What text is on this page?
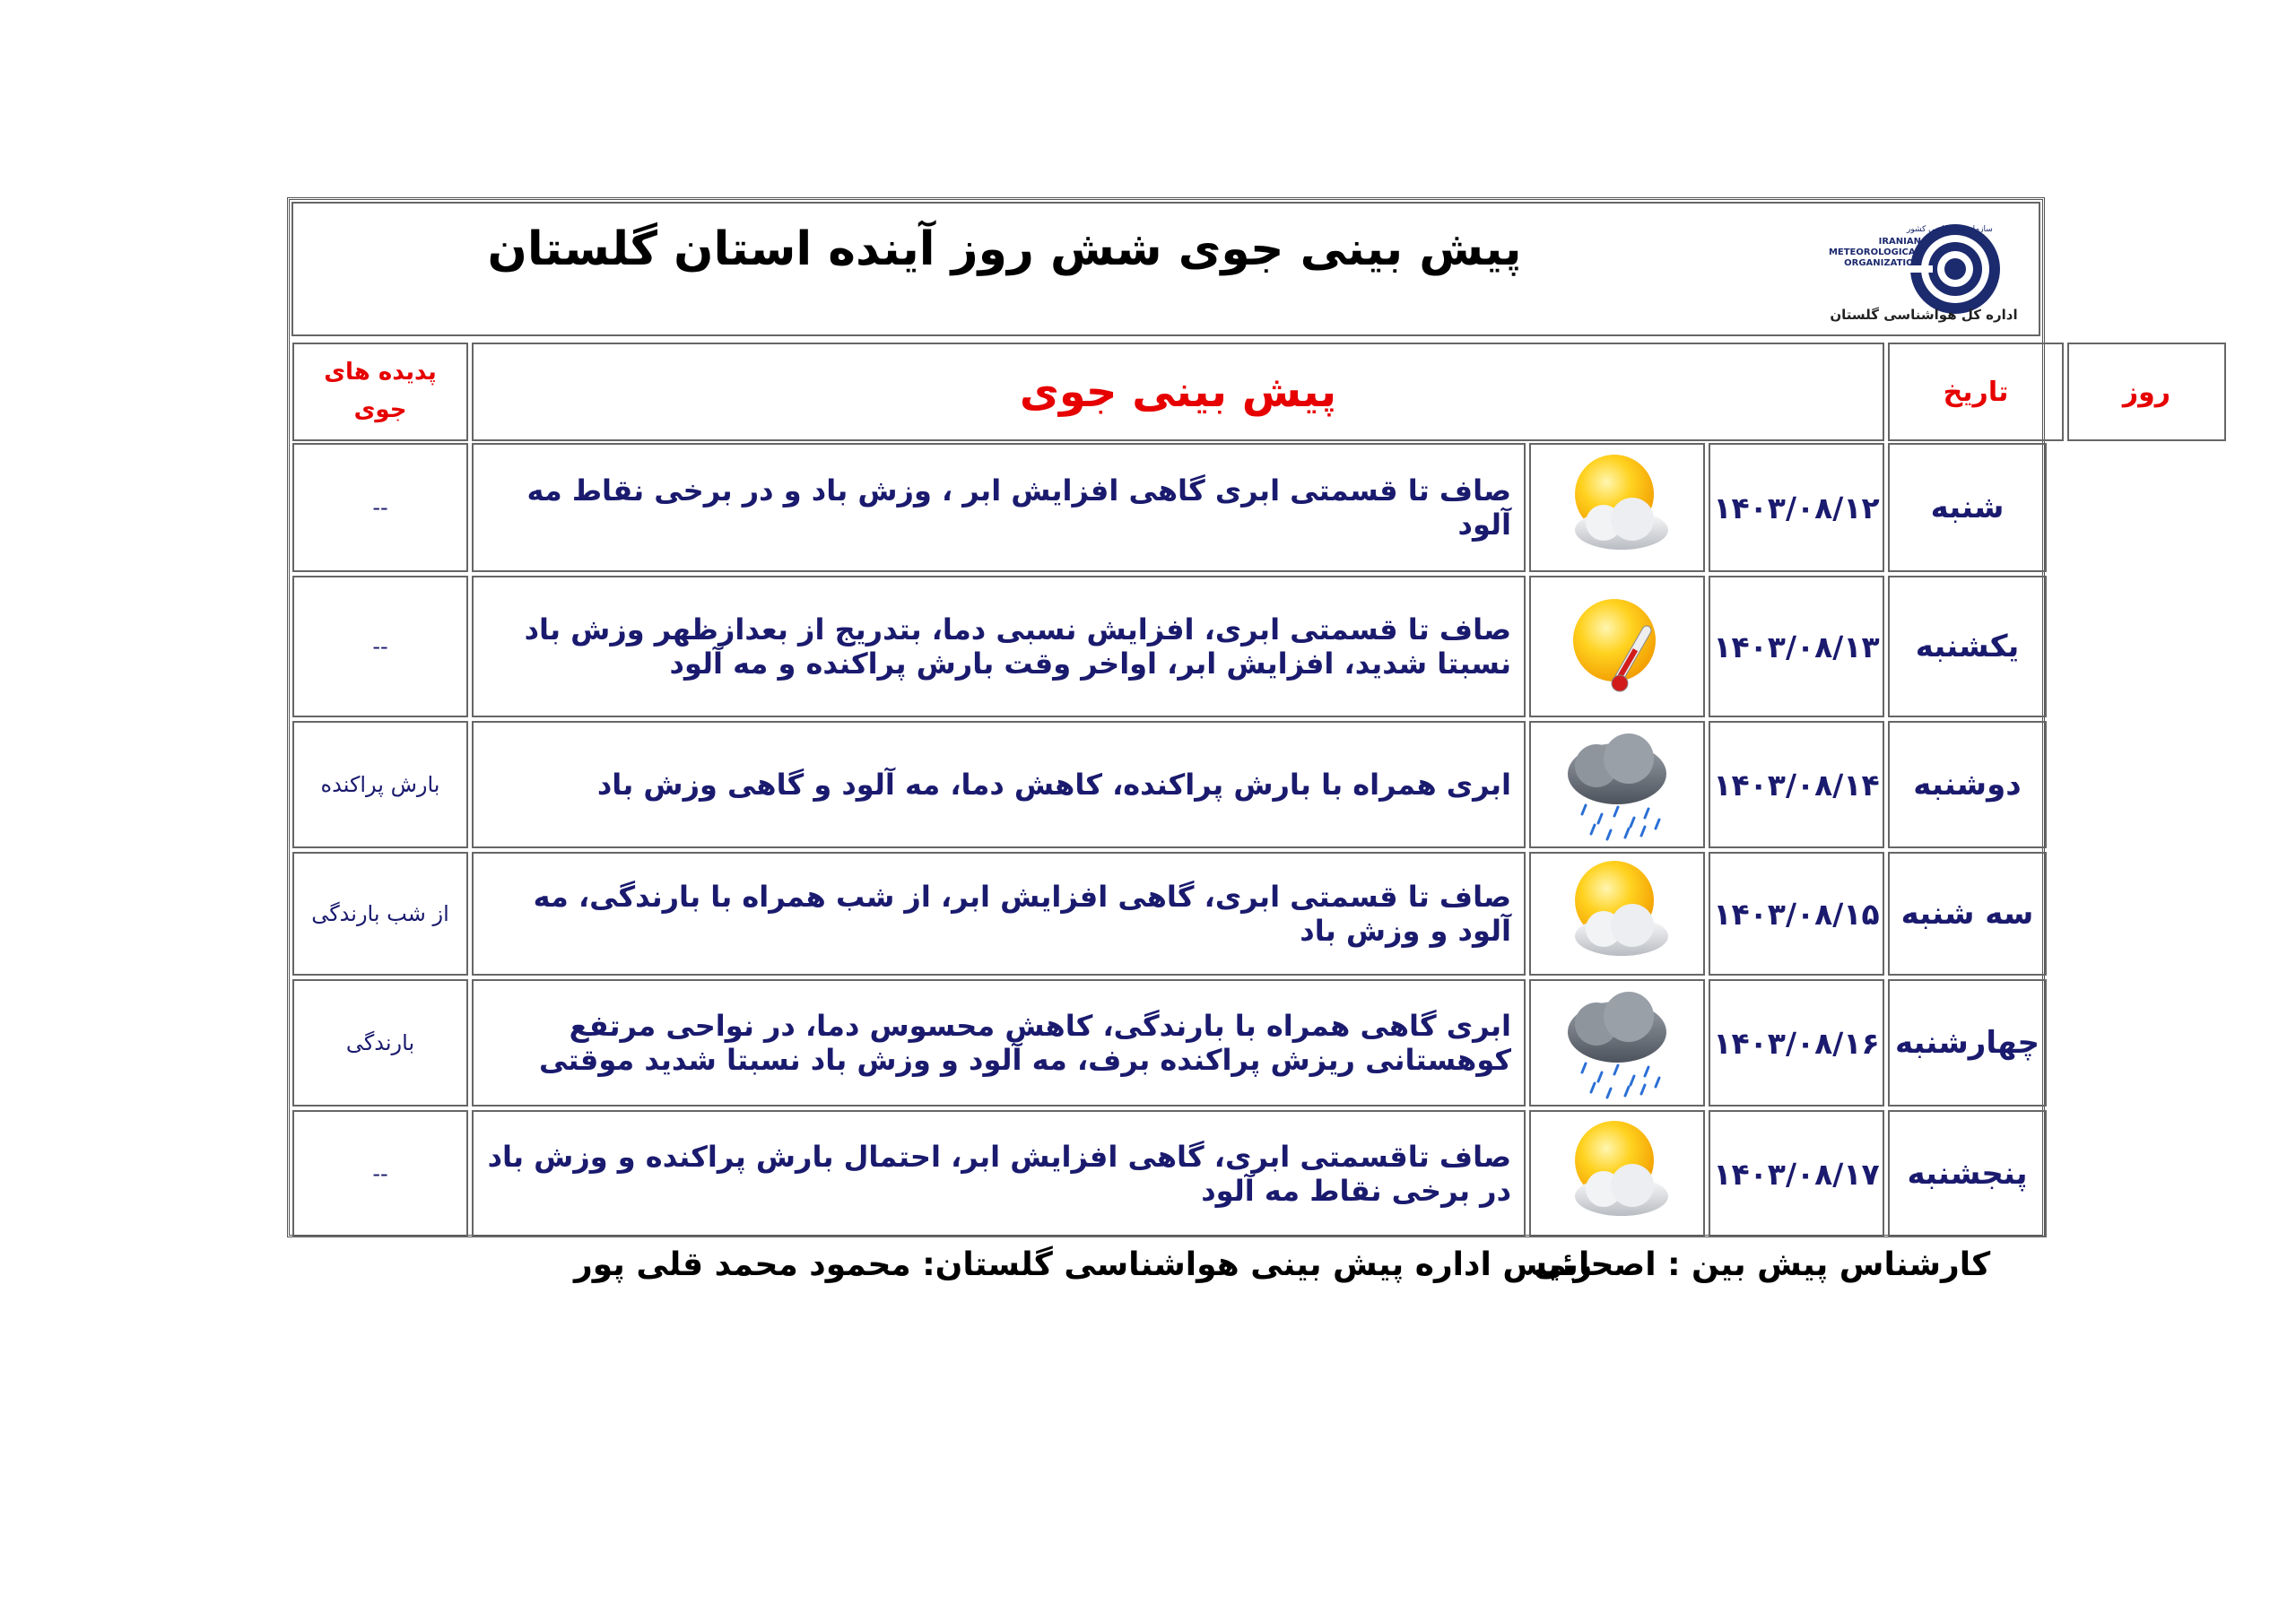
پیش بینی جوی شش روز آینده استان گلستان	سازمان هواشناسی کشور
IRANIAN
METEOROLOGICAL
ORGANIZATION
اداره کل هواشناسی گلستان
پدیده های جوی	پیش بینی جوی	تاریخ	روز
--	صاف تا قسمتی ابری گاهی افزایش ابر ، وزش باد و در برخی نقاط مه آلود		۱۴۰۳/۰۸/۱۲	شنبه
--	صاف تا قسمتی ابری، افزایش نسبی دما، بتدریج از بعدازظهر وزش باد نسبتا شدید، افزایش ابر، اواخر وقت بارش پراکنده و مه آلود		۱۴۰۳/۰۸/۱۳	یکشنبه
بارش پراکنده	ابری همراه با بارش پراکنده، کاهش دما، مه آلود و گاهی وزش باد		۱۴۰۳/۰۸/۱۴	دوشنبه
از شب بارندگی	صاف تا قسمتی ابری، گاهی افزایش ابر، از شب همراه با بارندگی، مه آلود و وزش باد		۱۴۰۳/۰۸/۱۵	سه شنبه
بارندگی	ابری گاهی همراه با بارندگی، کاهش محسوس دما، در نواحی مرتفع کوهستانی ریزش پراکنده برف، مه آلود و وزش باد نسبتا شدید موقتی		۱۴۰۳/۰۸/۱۶	چهارشنبه
--	صاف تاقسمتی ابری، گاهی افزایش ابر، احتمال بارش پراکنده و وزش باد در برخی نقاط مه آلود		۱۴۰۳/۰۸/۱۷	پنجشنبه
کارشناس پیش بین : اصحابی
رئیس اداره پیش بینی هواشناسی گلستان: محمود محمد قلی پور
